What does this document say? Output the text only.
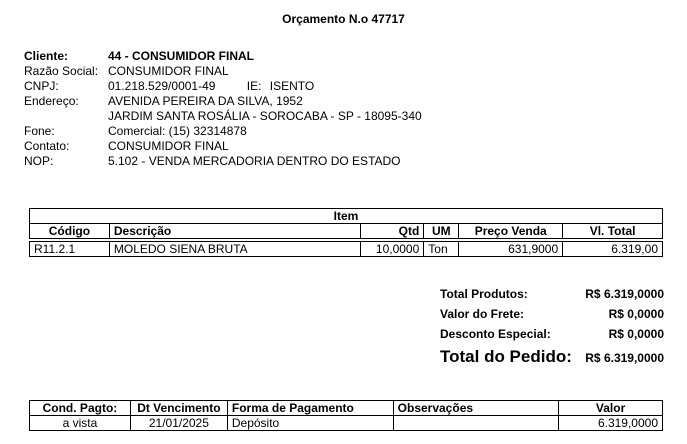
Orçamento N.o 47717
Cliente:	44 - CONSUMIDOR FINAL
Razão Social: CONSUMIDOR FINAL
CNPJ:	01.218.529/0001-49	IE: ISENTO
Endereço:	AVENIDA PEREIRA DA SILVA, 1952
JARDIM SANTA ROSÁLIA - SOROCABA - SP - 18095-340
Fone:	Comercial: (15) 32314878
Contato:	CONSUMIDOR FINAL
NOP:	5.102 - VENDA MERCADORIA DENTRO DO ESTADO
Item					
Código	Descrição	Qtd	UM	Preço Venda	Vl. Total

R11.2.1	MOLEDO SIENA BRUTA	10,0000	Ton	631,9000	6.319,00
Total Produtos:	R$ 6.319,0000
Valor do Frete:	R$ 0,0000
Desconto Especial:	R$ 0,0000
Total do Pedido: R$ 6.319,0000
Cond. Pagto:	Dt Vencimento	Forma de Pagamento	Observações	Valor
a vista	21/01/2025	Depósito		6.319,0000
